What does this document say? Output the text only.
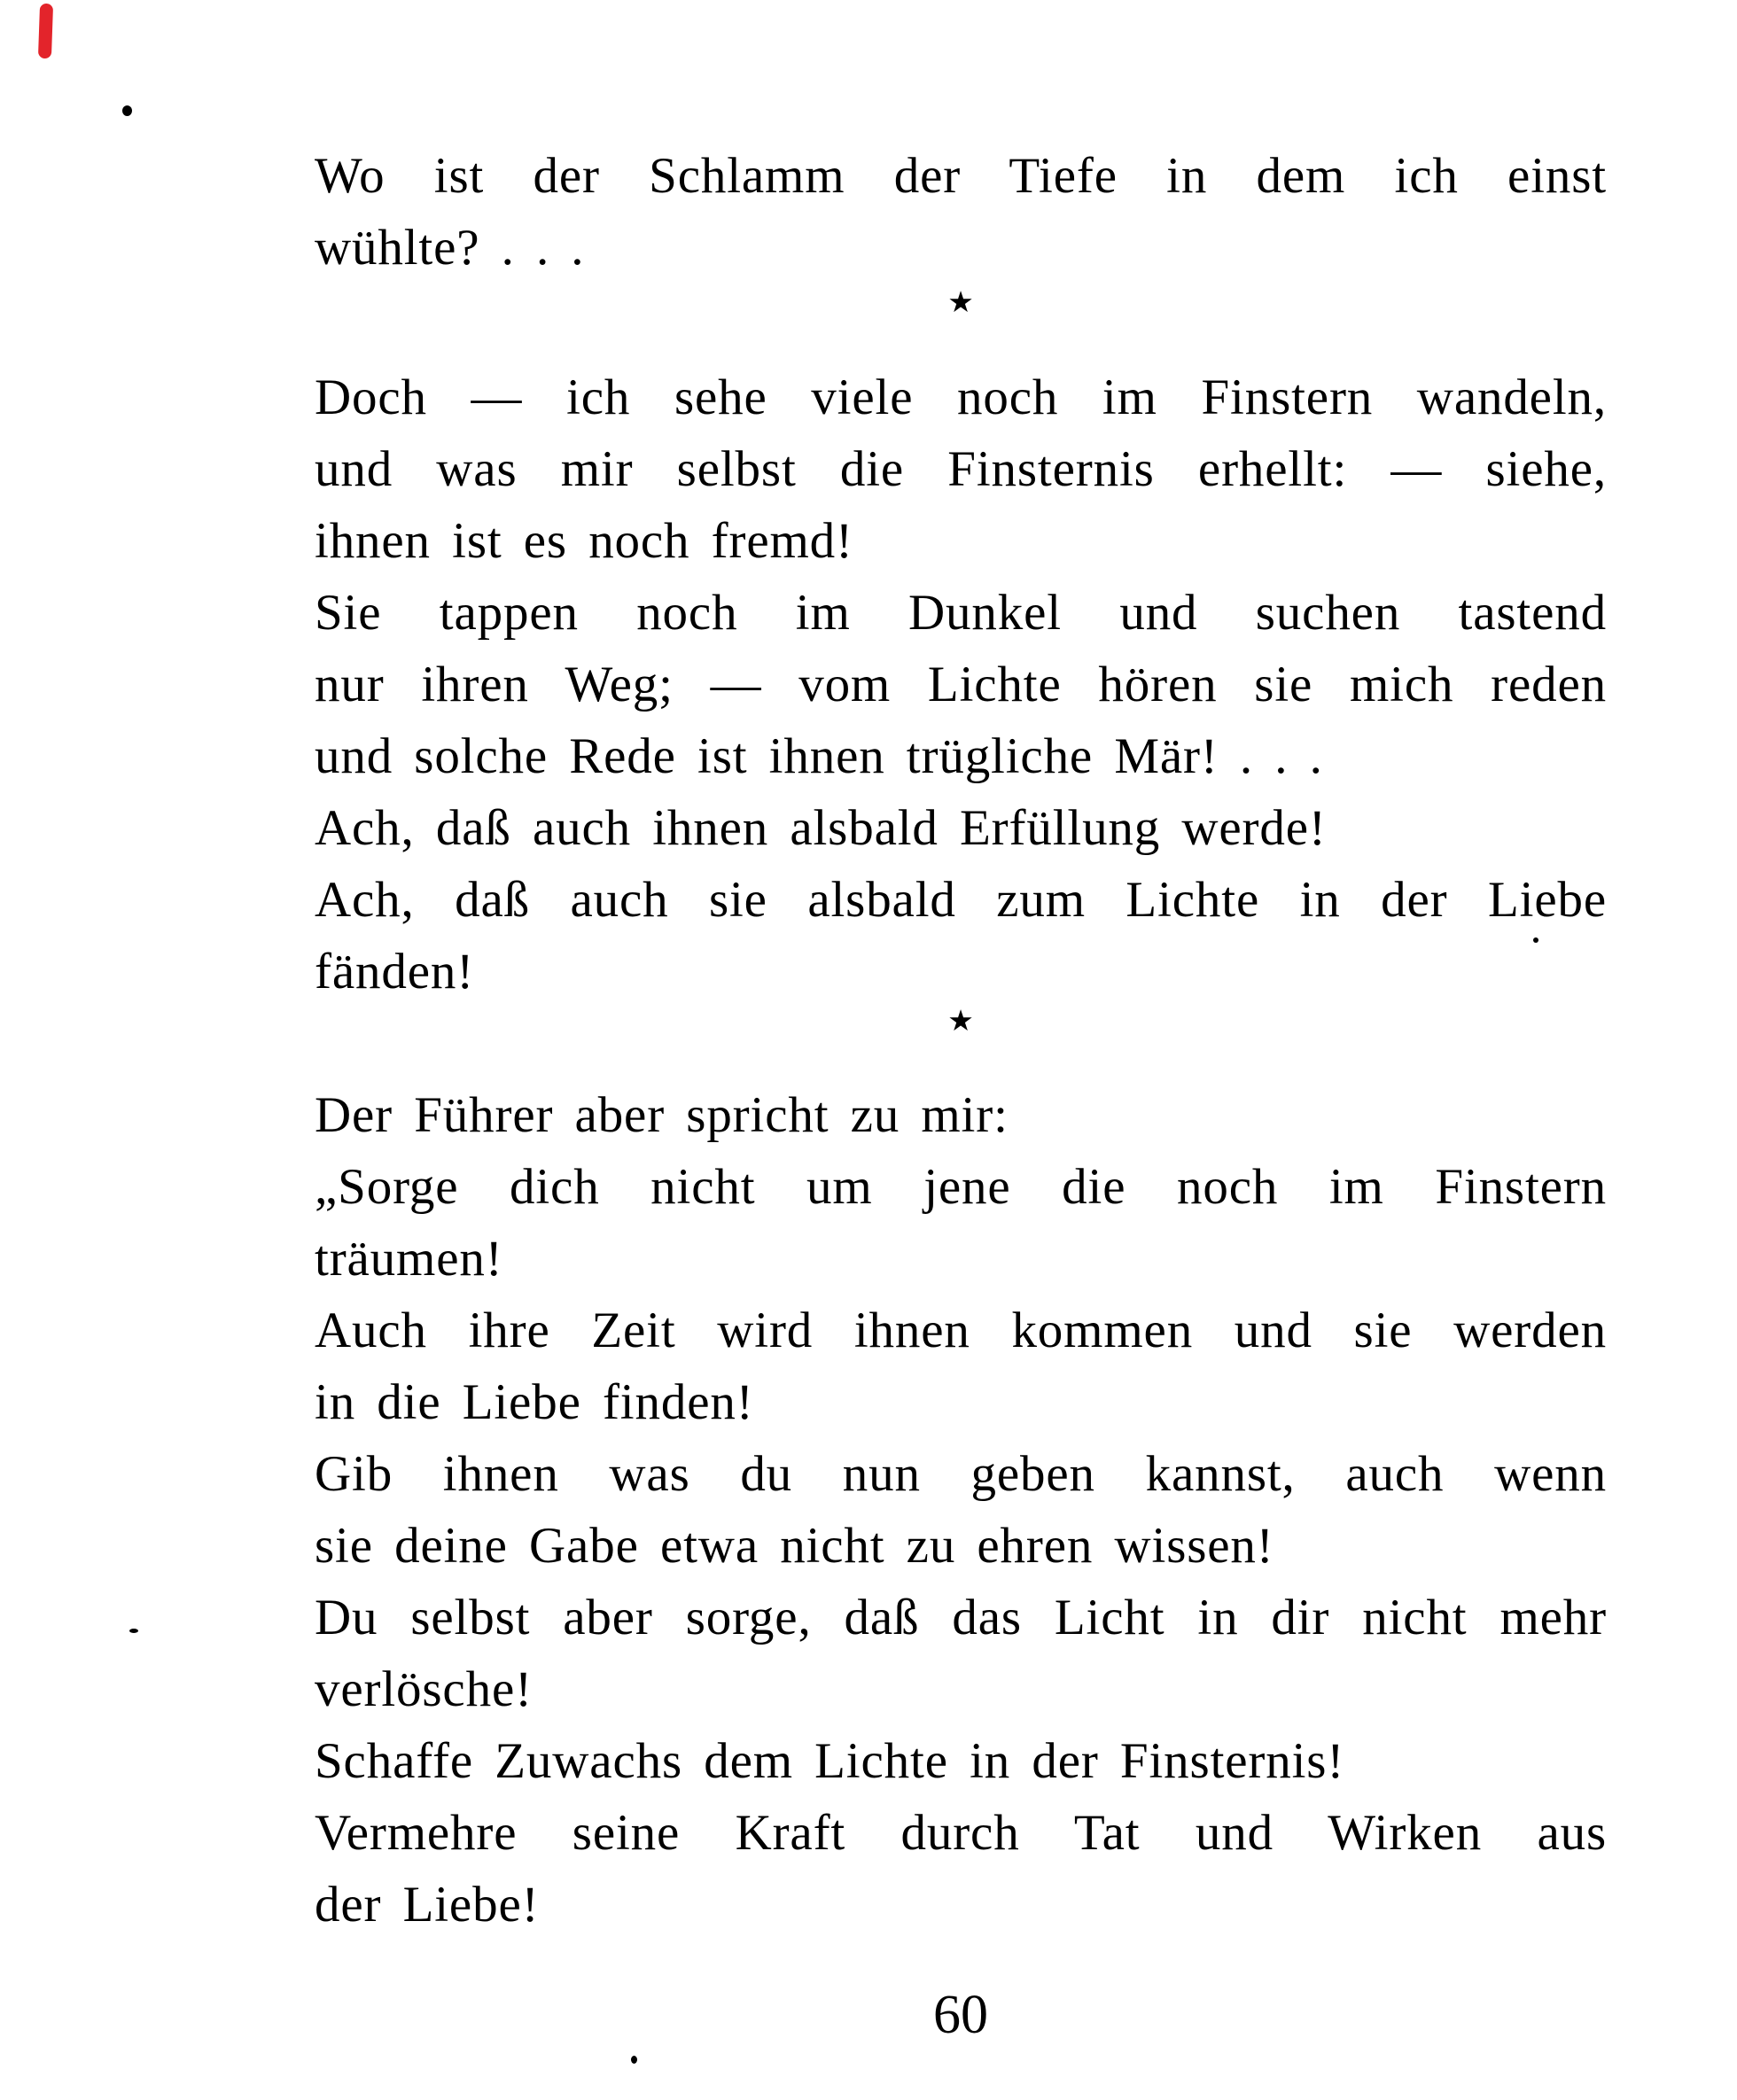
60
Wo ist der Schlamm der Tiefe in dem ich einst
wühlte? . . .
★
Doch — ich sehe viele noch im Finstern wandeln,
und was mir selbst die Finsternis erhellt: — siehe,
ihnen ist es noch fremd!
Sie tappen noch im Dunkel und suchen tastend
nur ihren Weg; — vom Lichte hören sie mich reden
und solche Rede ist ihnen trügliche Mär! . . .
Ach, daß auch ihnen alsbald Erfüllung werde!
Ach, daß auch sie alsbald zum Lichte in der Liebe
fänden!
★
Der Führer aber spricht zu mir:
„Sorge dich nicht um jene die noch im Finstern
träumen!
Auch ihre Zeit wird ihnen kommen und sie werden
in die Liebe finden!
Gib ihnen was du nun geben kannst, auch wenn
sie deine Gabe etwa nicht zu ehren wissen!
Du selbst aber sorge, daß das Licht in dir nicht mehr
verlösche!
Schaffe Zuwachs dem Lichte in der Finsternis!
Vermehre seine Kraft durch Tat und Wirken aus
der Liebe!
